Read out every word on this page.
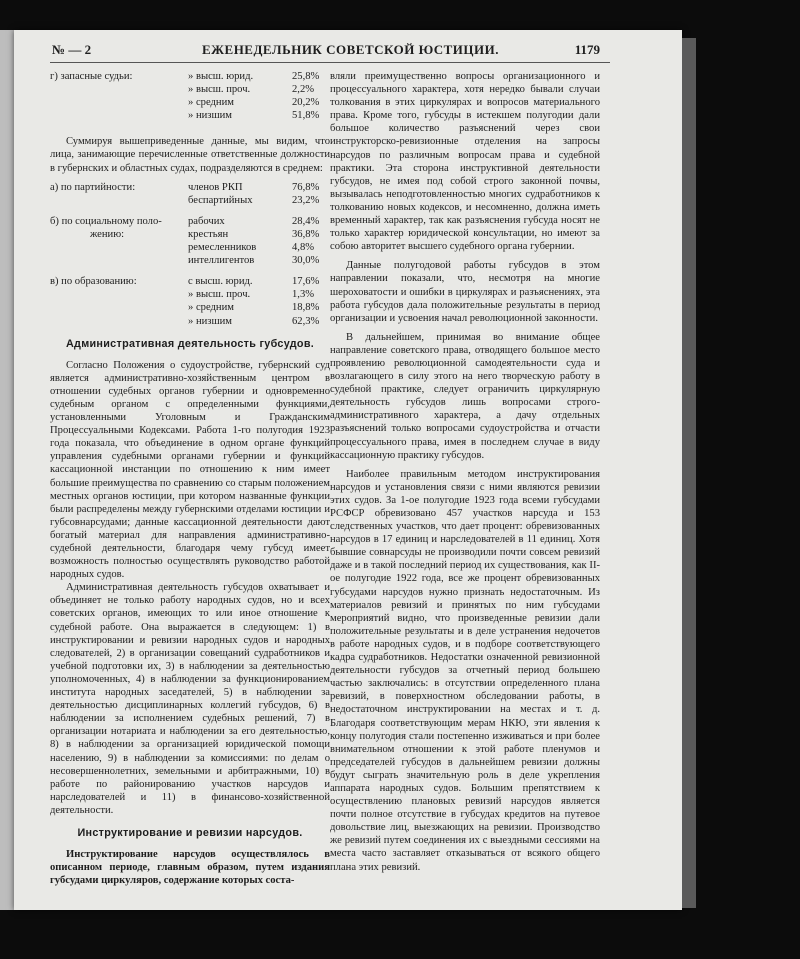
№ — 2	ЕЖЕНЕДЕЛЬНИК СОВЕТСКОЙ ЮСТИЦИИ.	1179
г) запасные судьи:	» высш. юрид.	25,8%
» высш. проч.	2,2%
» средним	20,2%
» низшим	51,8%

Суммируя вышеприведенные данные, мы видим, что лица, занимающие перечисленные ответственные должности в губернских и областных судах, подразделяются в среднем:

а) по партийности:	членов РКП	76,8%
беспартийных	23,2%
б) по социальному поло-	рабочих	28,4%
жению:	крестьян	36,8%
ремесленников	4,8%
интеллигентов	30,0%
в) по образованию:	с высш. юрид.	17,6%
» высш. проч.	1,3%
» средним	18,8%
» низшим	62,3%
Административная деятельность губсудов.

Согласно Положения о судоустройстве, губернский суд является административно-хозяйственным центром в отношении судебных органов губернии и одновременно судебным органом с определенными функциями, установленными Уголовным и Гражданским Процессуальными Кодексами. Работа 1-го полугодия 1923 года показала, что объединение в одном органе функций управления судебными органами губернии и функций кассационной инстанции по отношению к ним имеет большие преимущества по сравнению со старым положением местных органов юстиции, при котором названные функции были распределены между губернскими отделами юстиции и губсовнарсудами; данные кассационной деятельности дают богатый материал для направления административно-судебной деятельности, благодаря чему губсуд имеет возможность полностью осуществлять руководство работой народных судов.

Административная деятельность губсудов охватывает и объединяет не только работу народных судов, но и всех советских органов, имеющих то или иное отношение к судебной работе. Она выражается в следующем: 1) в инструктировании и ревизии народных судов и народных следователей, 2) в организации совещаний судработников и учебной подготовки их, 3) в наблюдении за деятельностью уполномоченных, 4) в наблюдении за функционированием института народных заседателей, 5) в наблюдении за деятельностью дисциплинарных коллегий губсудов, 6) в наблюдении за исполнением судебных решений, 7) в организации нотариата и наблюдении за его деятельностью, 8) в наблюдении за организацией юридической помощи населению, 9) в наблюдении за комиссиями: по делам о несовершеннолетних, земельными и арбитражными, 10) в работе по районированию участков нарсудов и нарследователей и 11) в финансово-хозяйственной деятельности.

Инструктирование и ревизии нарсудов.

Инструктирование нарсудов осуществлялось в описанном периоде, главным образом, путем издания губсудами циркуляров, содержание которых соста-

вляли преимущественно вопросы организационного и процессуального характера, хотя нередко бывали случаи толкования в этих циркулярах и вопросов материального права. Кроме того, губсуды в истекшем полугодии дали большое количество разъяснений через свои инструкторско-ревизионные отделения на запросы нарсудов по различным вопросам права и судебной практики. Эта сторона инструктивной деятельности губсудов, не имея под собой строго законной почвы, вызывалась неподготовленностью многих судработников к толкованию новых кодексов, и несомненно, должна иметь временный характер, так как разъяснения губсуда носят не только характер юридической консультации, но имеют за собою авторитет высшего судебного органа губернии.

Данные полугодовой работы губсудов в этом направлении показали, что, несмотря на многие шероховатости и ошибки в циркулярах и разъяснениях, эта работа губсудов дала положительные результаты в период организации и усвоения начал революционной законности.

В дальнейшем, принимая во внимание общее направление советского права, отводящего большое место проявлению революционной самодеятельности суда и возлагающего в силу этого на него творческую работу в судебной практике, следует ограничить циркулярную деятельность губсудов лишь вопросами строго-административного характера, а дачу отдельных разъяснений только вопросами судоустройства и отчасти процессуального права, имея в последнем случае в виду кассационную практику губсудов.

Наиболее правильным методом инструктирования нарсудов и установления связи с ними являются ревизии этих судов. За 1-ое полугодие 1923 года всеми губсудами РСФСР обревизовано 457 участков нарсуда и 153 следственных участков, что дает процент: обревизованных нарсудов в 17 единиц и нарследователей в 11 единиц. Хотя бывшие совнарсуды не производили почти совсем ревизий даже и в такой последний период их существования, как II-ое полугодие 1922 года, все же процент обревизованных губсудами нарсудов нужно признать недостаточным. Из материалов ревизий и принятых по ним губсудами мероприятий видно, что произведенные ревизии дали положительные результаты и в деле устранения недочетов в работе народных судов, и в подборе соответствующего кадра судработников. Недостатки означенной ревизионной деятельности губсудов за отчетный период большею частью заключались: в отсутствии определенного плана ревизий, в поверхностном обследовании работы, в недостаточном инструктировании на местах и т. д. Благодаря соответствующим мерам НКЮ, эти явления к концу полугодия стали постепенно изживаться и при более внимательном отношении к этой работе пленумов и председателей губсудов в дальнейшем ревизии должны будут сыграть значительную роль в деле укрепления аппарата народных судов. Большим препятствием к осуществлению плановых ревизий нарсудов является почти полное отсутствие в губсудах кредитов на путевое довольствие лиц, выезжающих на ревизии. Производство же ревизий путем соединения их с выездными сессиями на места часто заставляет отказываться от всякого общего плана этих ревизий.
